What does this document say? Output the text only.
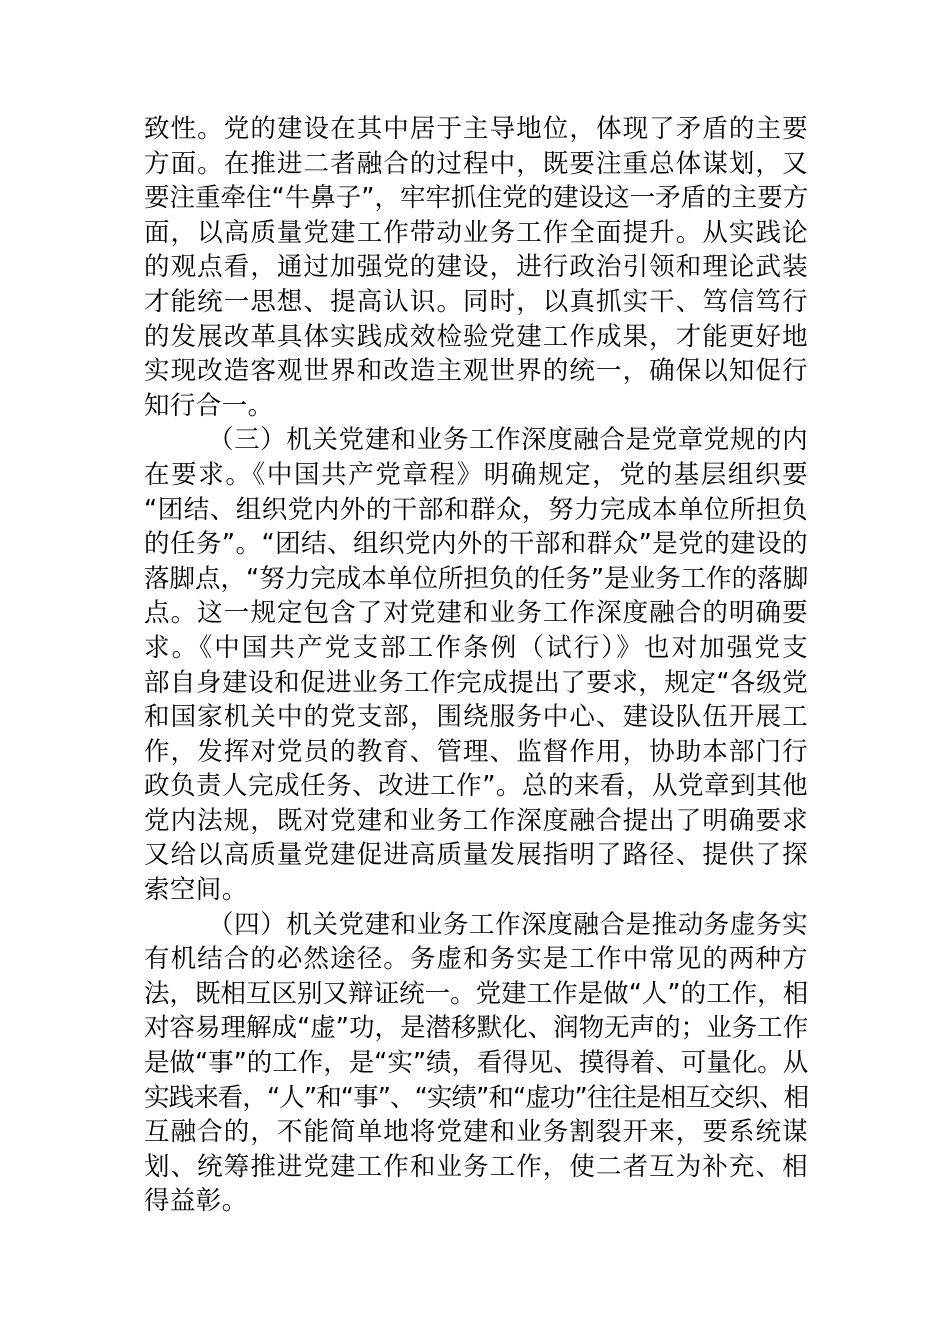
致性。党的建设在其中居于主导地位，体现了矛盾的主要
方面。在推进二者融合的过程中，既要注重总体谋划，又
要注重牵住“牛鼻子”，牢牢抓住党的建设这一矛盾的主要方
面，以高质量党建工作带动业务工作全面提升。从实践论
的观点看，通过加强党的建设，进行政治引领和理论武装
才能统一思想、提高认识。同时，以真抓实干、笃信笃行
的发展改革具体实践成效检验党建工作成果，才能更好地
实现改造客观世界和改造主观世界的统一，确保以知促行
知行合一。
（三）机关党建和业务工作深度融合是党章党规的内
在要求。《中国共产党章程》明确规定，党的基层组织要
“团结、组织党内外的干部和群众，努力完成本单位所担负
的任务”。“团结、组织党内外的干部和群众”是党的建设的
落脚点，“努力完成本单位所担负的任务”是业务工作的落脚
点。这一规定包含了对党建和业务工作深度融合的明确要
求。《中国共产党支部工作条例（试行）》也对加强党支
部自身建设和促进业务工作完成提出了要求，规定“各级党
和国家机关中的党支部，围绕服务中心、建设队伍开展工
作，发挥对党员的教育、管理、监督作用，协助本部门行
政负责人完成任务、改进工作”。总的来看，从党章到其他
党内法规，既对党建和业务工作深度融合提出了明确要求
又给以高质量党建促进高质量发展指明了路径、提供了探
索空间。
（四）机关党建和业务工作深度融合是推动务虚务实
有机结合的必然途径。务虚和务实是工作中常见的两种方
法，既相互区别又辩证统一。党建工作是做“人”的工作，相
对容易理解成“虚”功，是潜移默化、润物无声的；业务工作
是做“事”的工作，是“实”绩，看得见、摸得着、可量化。从
实践来看，“人”和“事”、“实绩”和“虚功”往往是相互交织、相
互融合的，不能简单地将党建和业务割裂开来，要系统谋
划、统筹推进党建工作和业务工作，使二者互为补充、相
得益彰。
